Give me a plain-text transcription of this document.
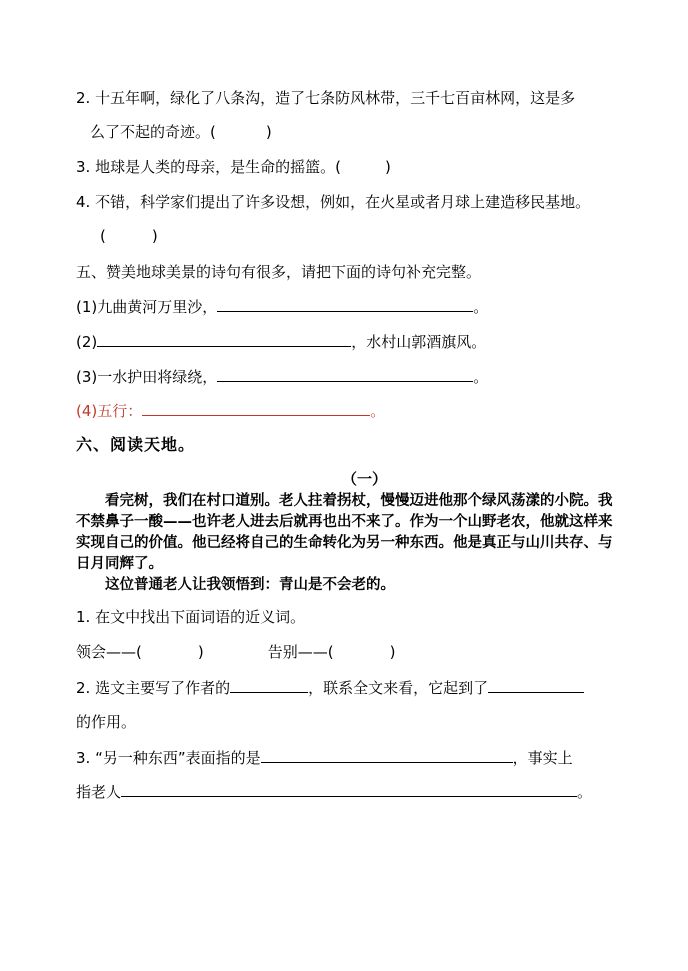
2. 十五年啊，绿化了八条沟，造了七条防风林带，三千七百亩林网，这是多
么了不起的奇迹。(	)
3. 地球是人类的母亲，是生命的摇篮。(	)
4. 不错，科学家们提出了许多设想，例如，在火星或者月球上建造移民基地。
(	)
五、赞美地球美景的诗句有很多，请把下面的诗句补充完整。
(1)九曲黄河万里沙，	。
(2)	，水村山郭酒旗风。
(3)一水护田将绿绕，	。
(4)五行：	。
六、阅读天地。
（一）

看完树，我们在村口道别。老人拄着拐杖，慢慢迈进他那个绿风荡漾的小院。我不禁鼻子一酸——也许老人进去后就再也出不来了。作为一个山野老农，他就这样来实现自己的价值。他已经将自己的生命转化为另一种东西。他是真正与山川共存、与日月同辉了。

这位普通老人让我领悟到：青山是不会老的。

1. 在文中找出下面词语的近义词。
领会——(	)	告别——(	)
2. 选文主要写了作者的	，联系全文来看，它起到了
的作用。
3. “另一种东西”表面指的是	，事实上
指老人	。
